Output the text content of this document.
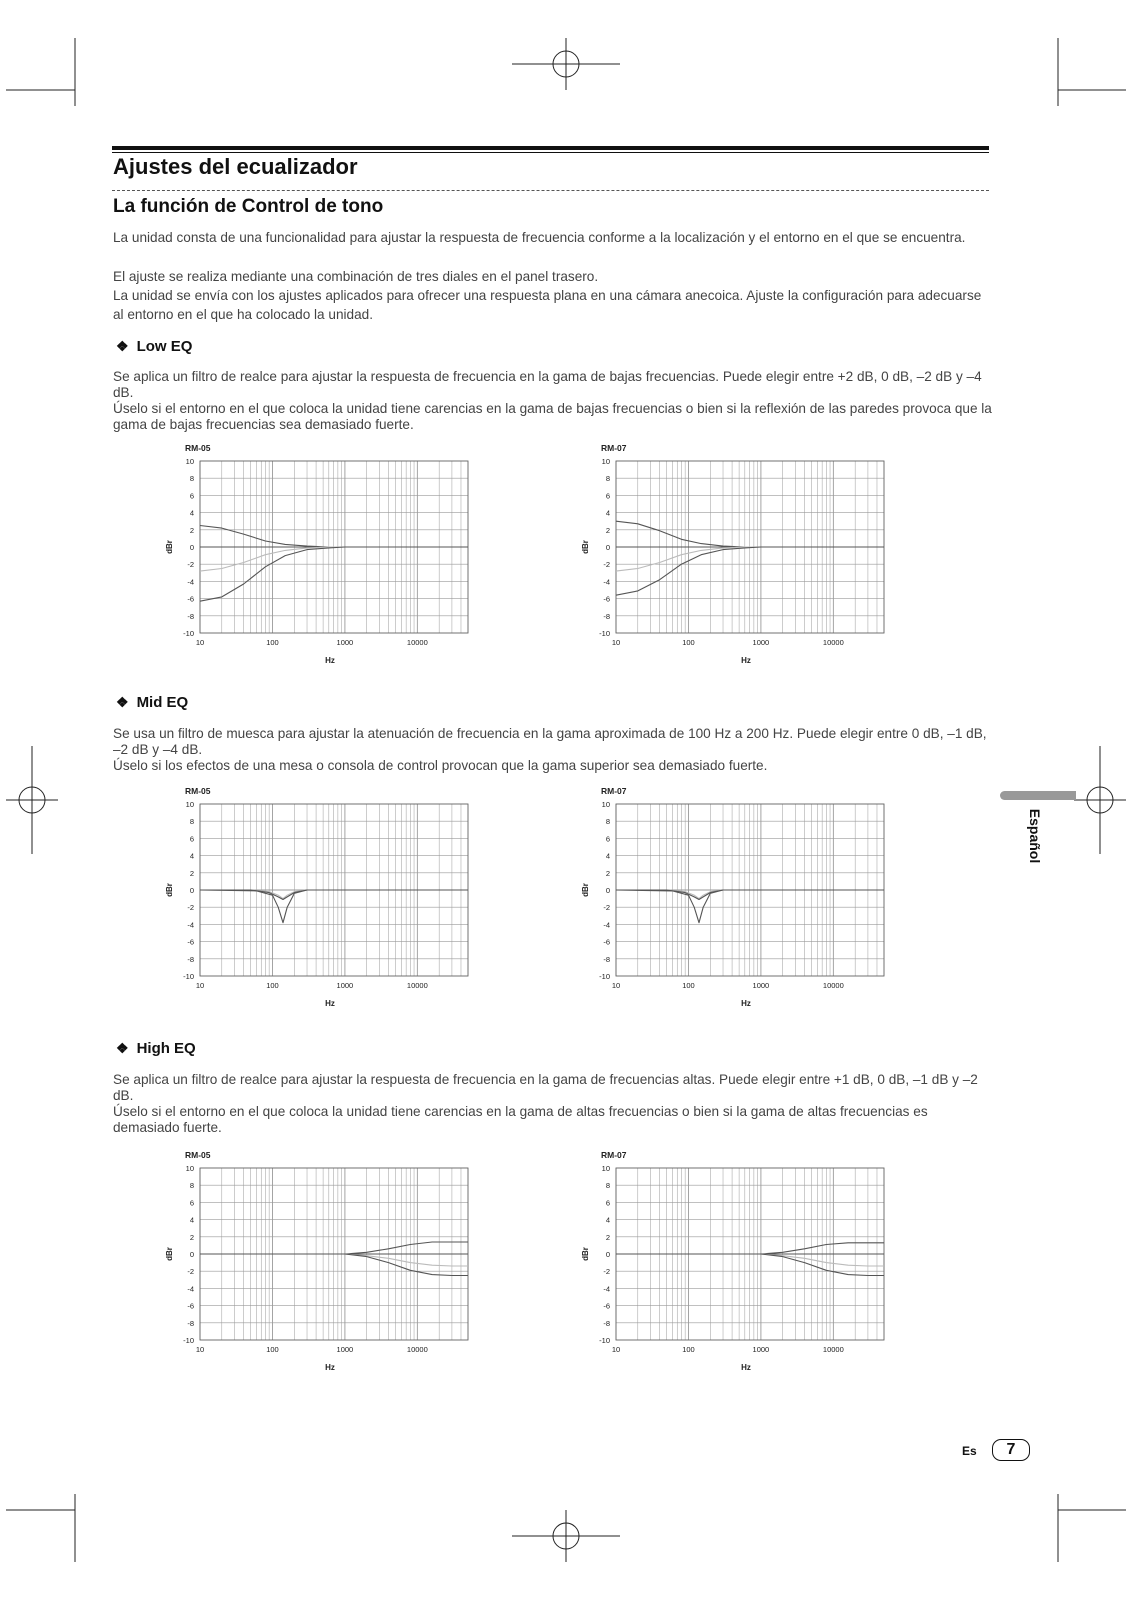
Ajustes del ecualizador
La función de Control de tono

La unidad consta de una funcionalidad para ajustar la respuesta de frecuencia conforme a la localización y el entorno en el que se encuentra.

El ajuste se realiza mediante una combinación de tres diales en el panel trasero.

La unidad se envía con los ajustes aplicados para ofrecer una respuesta plana en una cámara anecoica. Ajuste la configuración para adecuarse al entorno en el que ha colocado la unidad.

❖ Low EQ

Se aplica un filtro de realce para ajustar la respuesta de frecuencia en la gama de bajas frecuencias. Puede elegir entre +2 dB, 0 dB, –2 dB y –4 dB.

Úselo si el entorno en el que coloca la unidad tiene carencias en la gama de bajas frecuencias o bien si la reflexión de las paredes provoca que la gama de bajas frecuencias sea demasiado fuerte.

RM-05
10
8
6
4
2
0
-2
-4
-6
-8
-10
10	100	1000	10000
Hz
dBr
RM-07
10
8
6
4
2
0
-2
-4
-6
-8
-10
10	100	1000	10000
Hz
dBr
❖ Mid EQ

Se usa un filtro de muesca para ajustar la atenuación de frecuencia en la gama aproximada de 100 Hz a 200 Hz. Puede elegir entre 0 dB, –1 dB, –2 dB y –4 dB.

Úselo si los efectos de una mesa o consola de control provocan que la gama superior sea demasiado fuerte.

RM-05
10
8
6
4
2
0
-2
-4
-6
-8
-10
10	100	1000	10000
Hz
dBr
RM-07
10
8
6
4
2
0
-2
-4
-6
-8
-10
10	100	1000	10000
Hz
dBr
❖ High EQ

Se aplica un filtro de realce para ajustar la respuesta de frecuencia en la gama de frecuencias altas. Puede elegir entre +1 dB, 0 dB, –1 dB y –2 dB.

Úselo si el entorno en el que coloca la unidad tiene carencias en la gama de altas frecuencias o bien si la gama de altas frecuencias es demasiado fuerte.

RM-05
10
8
6
4
2
0
-2
-4
-6
-8
-10
10	100	1000	10000
Hz
dBr
RM-07
10
8
6
4
2
0
-2
-4
-6
-8
-10
10	100	1000	10000
Hz
dBr
Español
Es	7
